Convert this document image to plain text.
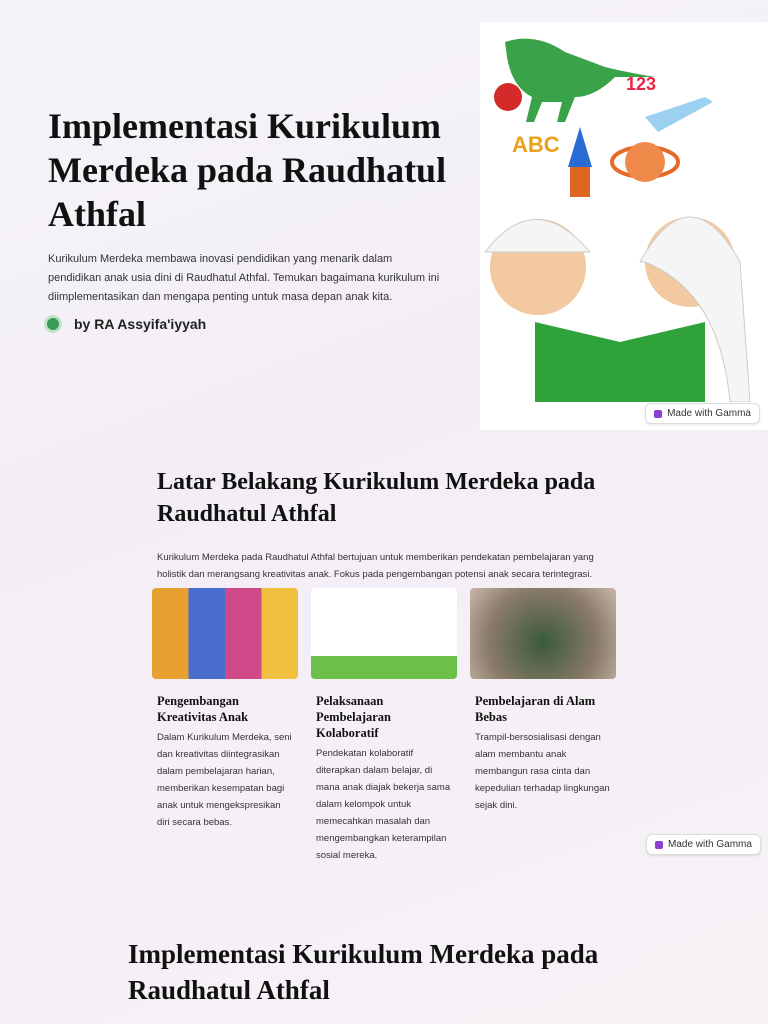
Implementasi Kurikulum Merdeka pada Raudhatul Athfal

Kurikulum Merdeka membawa inovasi pendidikan yang menarik dalam pendidikan anak usia dini di Raudhatul Athfal. Temukan bagaimana kurikulum ini diimplementasikan dan mengapa penting untuk masa depan anak kita.

by RA Assyifa'iyyah
123
ABC
Made with Gamma
Latar Belakang Kurikulum Merdeka pada Raudhatul Athfal

Kurikulum Merdeka pada Raudhatul Athfal bertujuan untuk memberikan pendekatan pembelajaran yang holistik dan merangsang kreativitas anak. Fokus pada pengembangan potensi anak secara terintegrasi.

Pengembangan Kreativitas Anak

Dalam Kurikulum Merdeka, seni dan kreativitas diintegrasikan dalam pembelajaran harian, memberikan kesempatan bagi anak untuk mengekspresikan diri secara bebas.

Pelaksanaan Pembelajaran Kolaboratif

Pendekatan kolaboratif diterapkan dalam belajar, di mana anak diajak bekerja sama dalam kelompok untuk memecahkan masalah dan mengembangkan keterampilan sosial mereka.

Pembelajaran di Alam Bebas

Trampil-bersosialisasi dengan alam membantu anak membangun rasa cinta dan kepedulian terhadap lingkungan sejak dini.

Made with Gamma
Implementasi Kurikulum Merdeka pada Raudhatul Athfal
